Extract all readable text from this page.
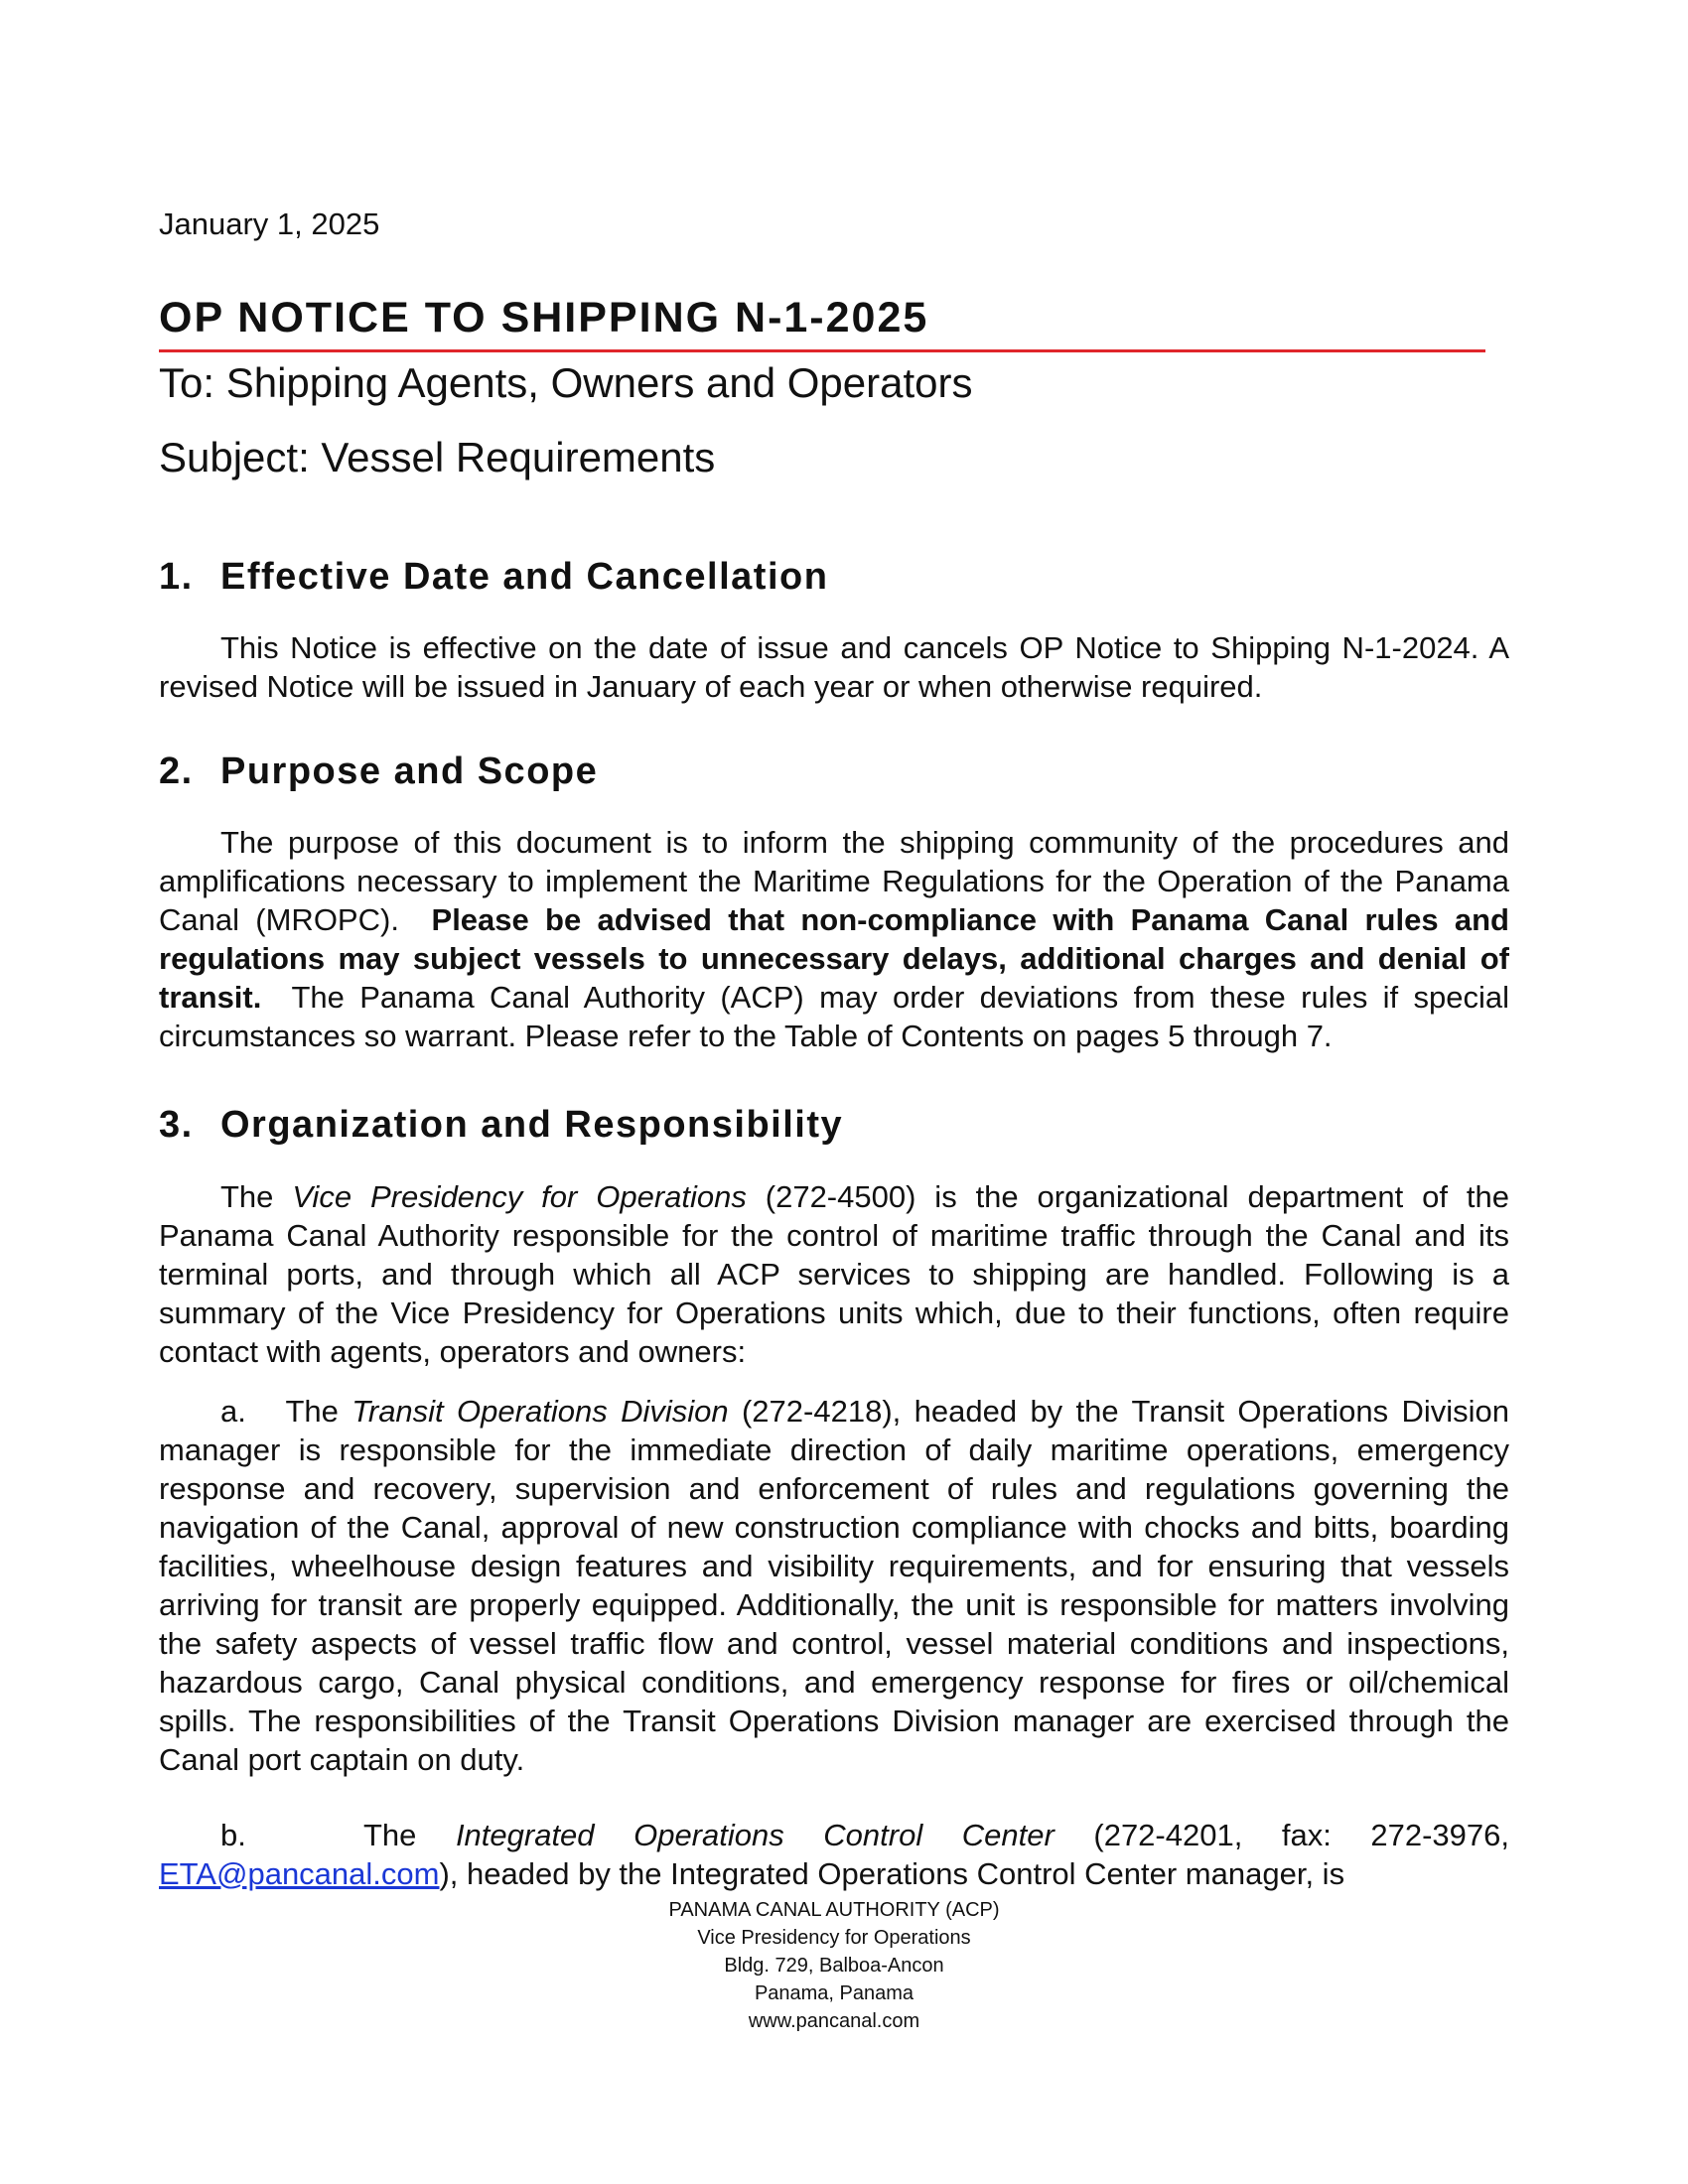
January 1, 2025
OP NOTICE TO SHIPPING N-1-2025
To: Shipping Agents, Owners and Operators
Subject: Vessel Requirements
1. Effective Date and Cancellation
This Notice is effective on the date of issue and cancels OP Notice to Shipping N-1-2024. A revised Notice will be issued in January of each year or when otherwise required.
2. Purpose and Scope
The purpose of this document is to inform the shipping community of the procedures and amplifications necessary to implement the Maritime Regulations for the Operation of the Panama Canal (MROPC). Please be advised that non-compliance with Panama Canal rules and regulations may subject vessels to unnecessary delays, additional charges and denial of transit. The Panama Canal Authority (ACP) may order deviations from these rules if special circumstances so warrant. Please refer to the Table of Contents on pages 5 through 7.
3. Organization and Responsibility
The Vice Presidency for Operations (272-4500) is the organizational department of the Panama Canal Authority responsible for the control of maritime traffic through the Canal and its terminal ports, and through which all ACP services to shipping are handled. Following is a summary of the Vice Presidency for Operations units which, due to their functions, often require contact with agents, operators and owners:
a. The Transit Operations Division (272-4218), headed by the Transit Operations Division manager is responsible for the immediate direction of daily maritime operations, emergency response and recovery, supervision and enforcement of rules and regulations governing the navigation of the Canal, approval of new construction compliance with chocks and bitts, boarding facilities, wheelhouse design features and visibility requirements, and for ensuring that vessels arriving for transit are properly equipped. Additionally, the unit is responsible for matters involving the safety aspects of vessel traffic flow and control, vessel material conditions and inspections, hazardous cargo, Canal physical conditions, and emergency response for fires or oil/chemical spills. The responsibilities of the Transit Operations Division manager are exercised through the Canal port captain on duty.
b.	The Integrated Operations Control Center (272-4201, fax: 272-3976, ETA@pancanal.com), headed by the Integrated Operations Control Center manager, is
PANAMA CANAL AUTHORITY (ACP)
Vice Presidency for Operations
Bldg. 729, Balboa-Ancon
Panama, Panama
www.pancanal.com
